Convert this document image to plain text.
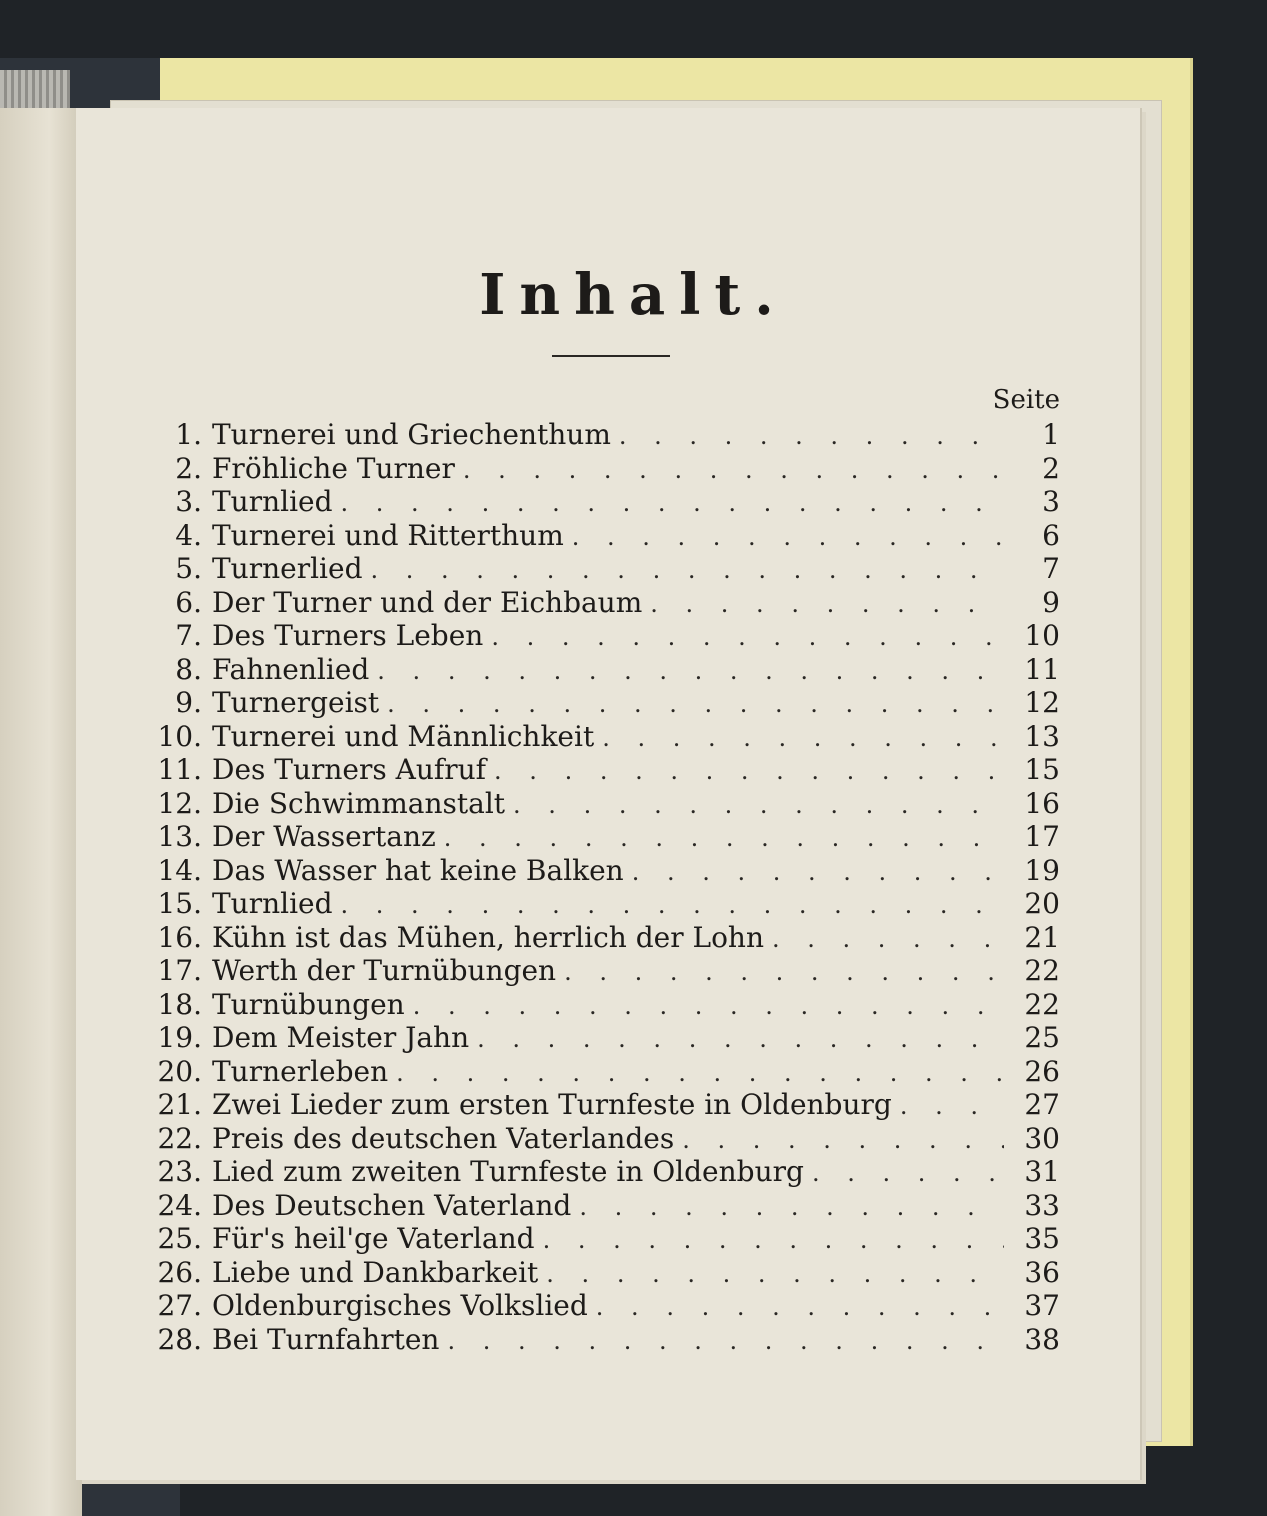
Inhalt.
Seite
1. Turnerei und Griechenthum . . .	1
2. Fröhliche Turner . . .	2
3. Turnlied . . .	3
4. Turnerei und Ritterthum . . .	6
5. Turnerlied . . .	7
6. Der Turner und der Eichbaum . . .	9
7. Des Turners Leben . . .	10
8. Fahnenlied . . .	11
9. Turnergeist . . .	12
10. Turnerei und Männlichkeit . . .	13
11. Des Turners Aufruf . . .	15
12. Die Schwimmanstalt . . .	16
13. Der Wassertanz . . .	17
14. Das Wasser hat keine Balken . . .	19
15. Turnlied . . .	20
16. Kühn ist das Mühen, herrlich der Lohn . . .	21
17. Werth der Turnübungen . . .	22
18. Turnübungen . . .	22
19. Dem Meister Jahn . . .	25
20. Turnerleben . . .	26
21. Zwei Lieder zum ersten Turnfeste in Oldenburg . . .	27
22. Preis des deutschen Vaterlandes . . .	30
23. Lied zum zweiten Turnfeste in Oldenburg . . .	31
24. Des Deutschen Vaterland . . .	33
25. Für's heil'ge Vaterland . . .	35
26. Liebe und Dankbarkeit . . .	36
27. Oldenburgisches Volkslied . . .	37
28. Bei Turnfahrten . . .	38
